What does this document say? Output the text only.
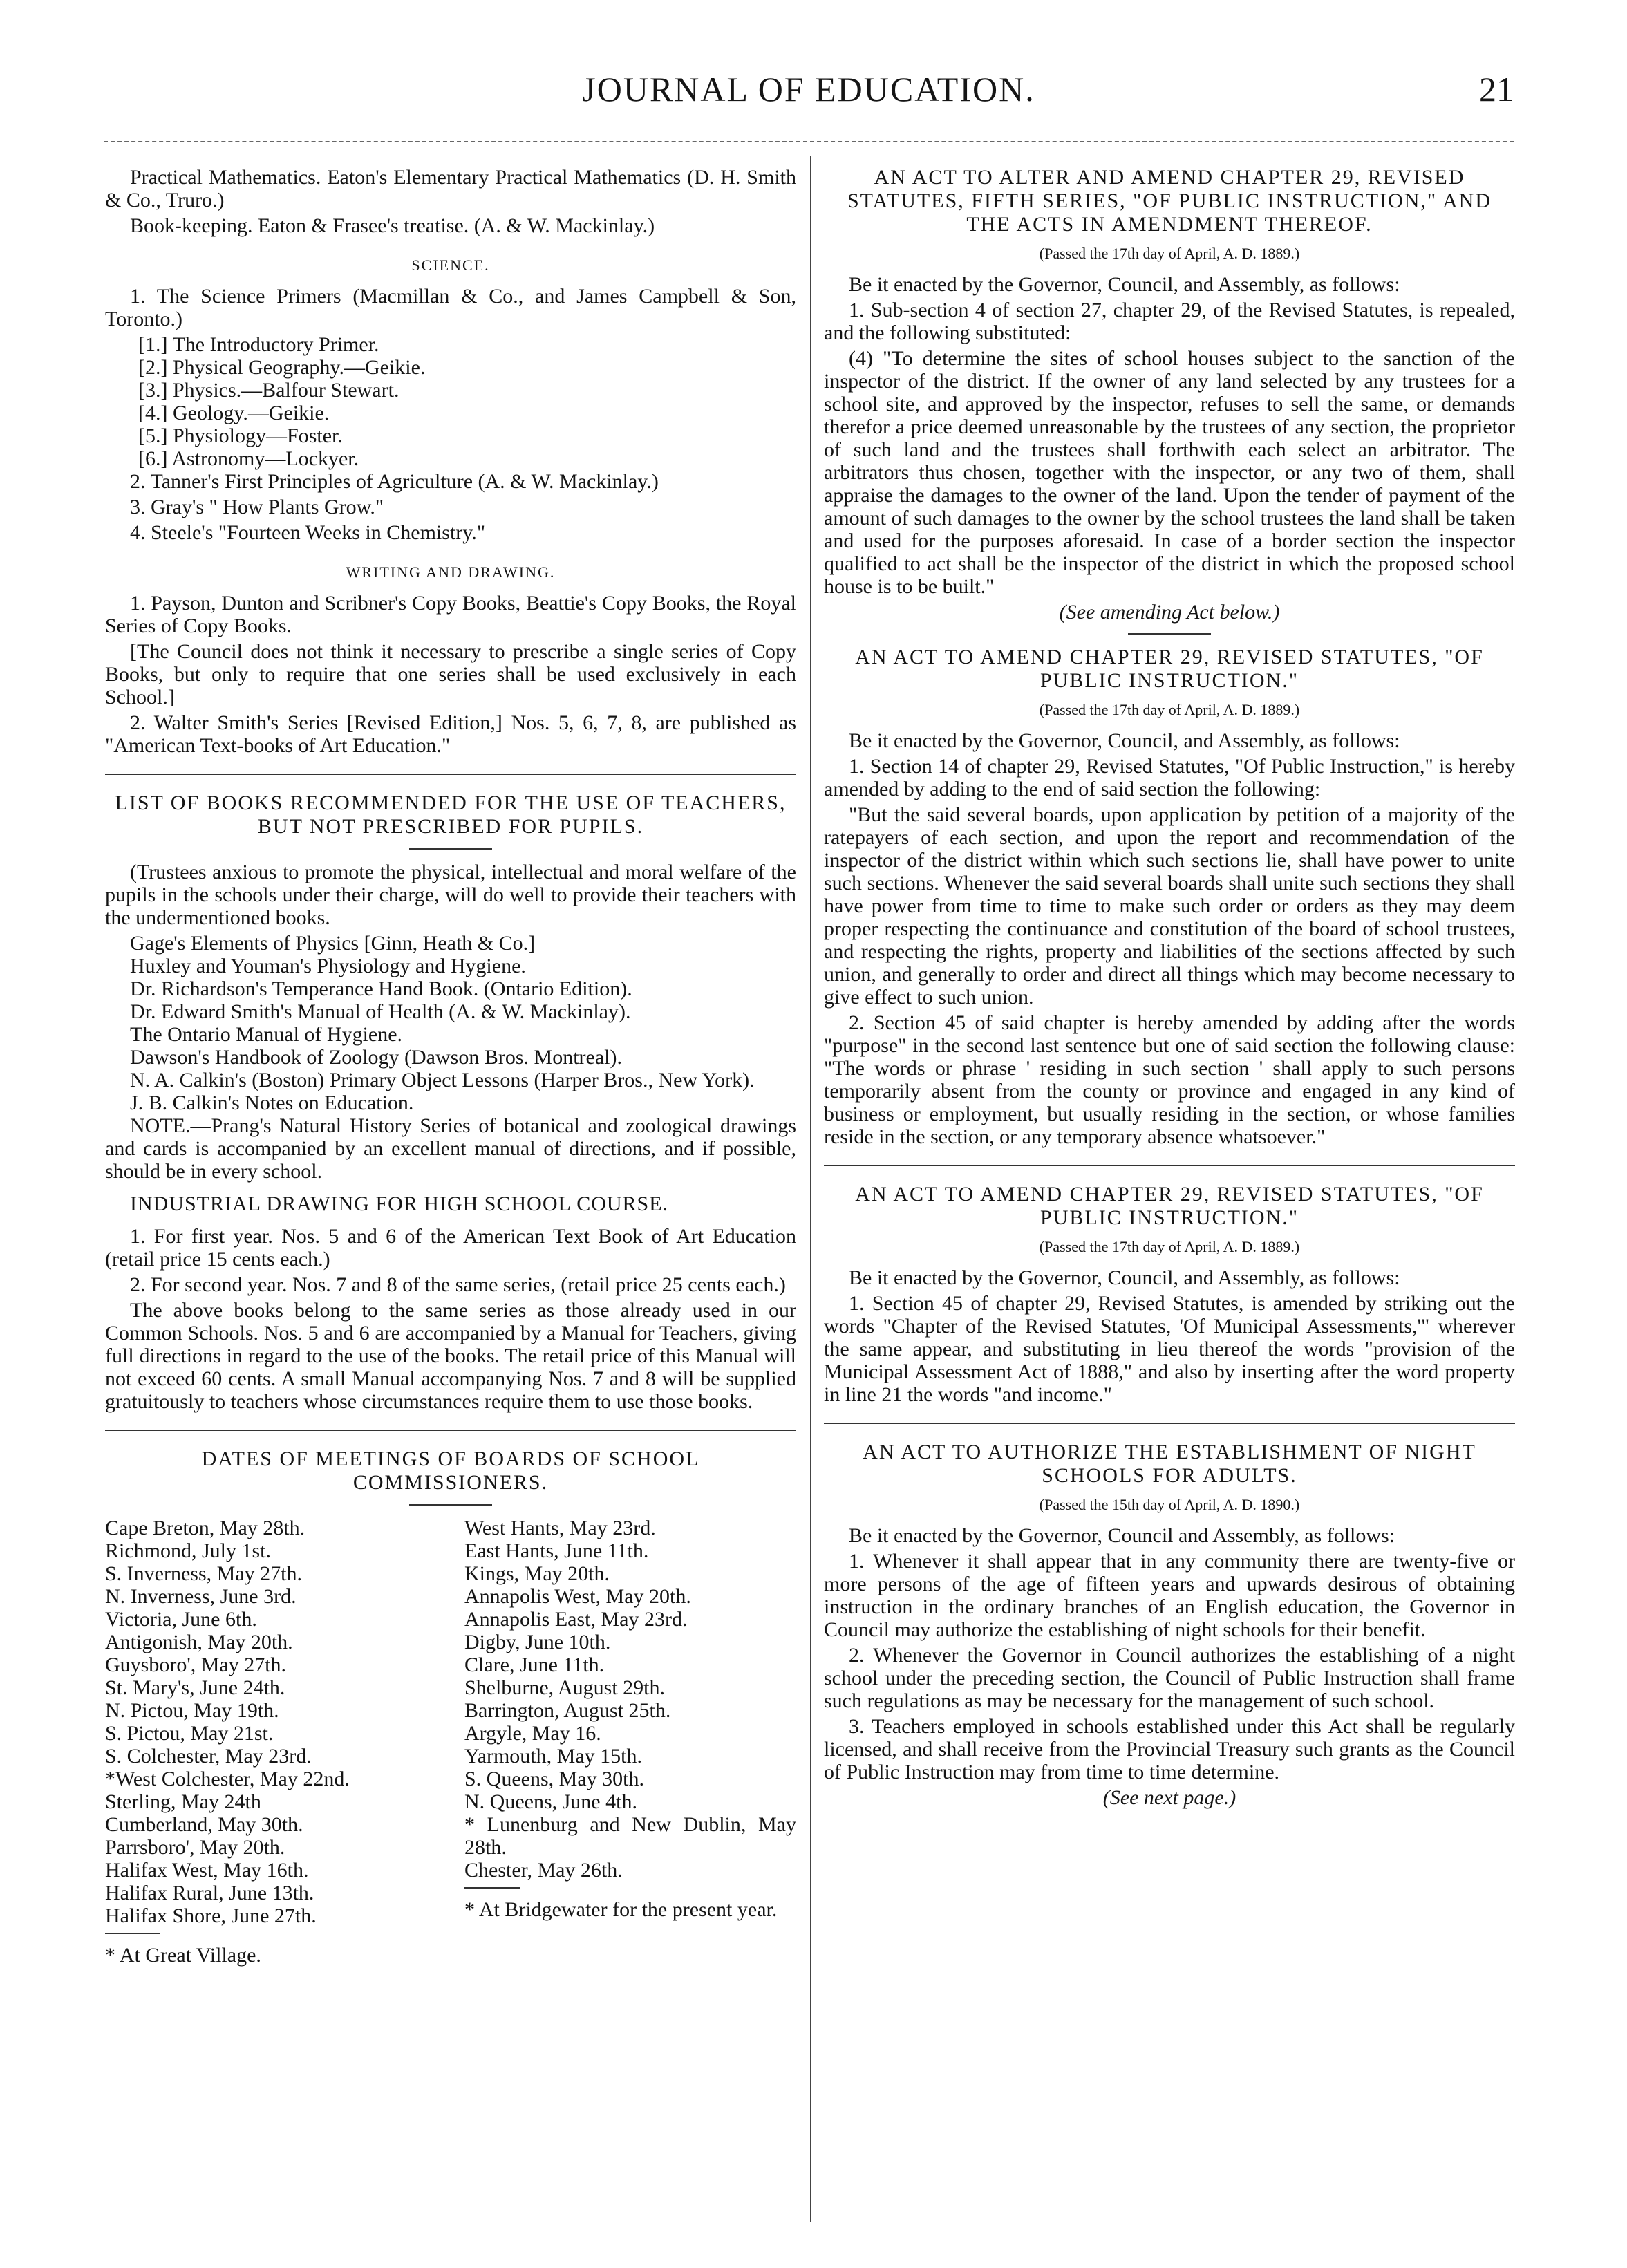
JOURNAL OF EDUCATION.	21

Practical Mathematics. Eaton's Elementary Practical Mathematics (D. H. Smith & Co., Truro.)

Book-keeping. Eaton & Frasee's treatise. (A. & W. Mackinlay.)

SCIENCE.

1. The Science Primers (Macmillan & Co., and James Campbell & Son, Toronto.)

[1.] The Introductory Primer.
[2.] Physical Geography.—Geikie.
[3.] Physics.—Balfour Stewart.
[4.] Geology.—Geikie.
[5.] Physiology—Foster.
[6.] Astronomy—Lockyer.

2. Tanner's First Principles of Agriculture (A. & W. Mackinlay.)

3. Gray's " How Plants Grow."

4. Steele's "Fourteen Weeks in Chemistry."

WRITING AND DRAWING.

1. Payson, Dunton and Scribner's Copy Books, Beattie's Copy Books, the Royal Series of Copy Books.

[The Council does not think it necessary to prescribe a single series of Copy Books, but only to require that one series shall be used exclusively in each School.]

2. Walter Smith's Series [Revised Edition,] Nos. 5, 6, 7, 8, are published as "American Text-books of Art Education."

LIST OF BOOKS RECOMMENDED FOR THE USE OF TEACHERS, BUT NOT PRESCRIBED FOR PUPILS.

(Trustees anxious to promote the physical, intellectual and moral welfare of the pupils in the schools under their charge, will do well to provide their teachers with the undermentioned books.

Gage's Elements of Physics [Ginn, Heath & Co.]
Huxley and Youman's Physiology and Hygiene.
Dr. Richardson's Temperance Hand Book. (Ontario Edition).
Dr. Edward Smith's Manual of Health (A. & W. Mackinlay).
The Ontario Manual of Hygiene.
Dawson's Handbook of Zoology (Dawson Bros. Montreal).
N. A. Calkin's (Boston) Primary Object Lessons (Harper Bros., New York).
J. B. Calkin's Notes on Education.

NOTE.—Prang's Natural History Series of botanical and zoological drawings and cards is accompanied by an excellent manual of directions, and if possible, should be in every school.

INDUSTRIAL DRAWING FOR HIGH SCHOOL COURSE.

1. For first year. Nos. 5 and 6 of the American Text Book of Art Education (retail price 15 cents each.)

2. For second year. Nos. 7 and 8 of the same series, (retail price 25 cents each.)

The above books belong to the same series as those already used in our Common Schools. Nos. 5 and 6 are accompanied by a Manual for Teachers, giving full directions in regard to the use of the books. The retail price of this Manual will not exceed 60 cents. A small Manual accompanying Nos. 7 and 8 will be supplied gratuitously to teachers whose circumstances require them to use those books.

DATES OF MEETINGS OF BOARDS OF SCHOOL COMMISSIONERS.
Cape Breton, May 28th.
Richmond, July 1st.
S. Inverness, May 27th.
N. Inverness, June 3rd.
Victoria, June 6th.
Antigonish, May 20th.
Guysboro', May 27th.
St. Mary's, June 24th.
N. Pictou, May 19th.
S. Pictou, May 21st.
S. Colchester, May 23rd.
*West Colchester, May 22nd.
Sterling, May 24th
Cumberland, May 30th.
Parrsboro', May 20th.
Halifax West, May 16th.
Halifax Rural, June 13th.
Halifax Shore, June 27th.
* At Great Village.
West Hants, May 23rd.
East Hants, June 11th.
Kings, May 20th.
Annapolis West, May 20th.
Annapolis East, May 23rd.
Digby, June 10th.
Clare, June 11th.
Shelburne, August 29th.
Barrington, August 25th.
Argyle, May 16.
Yarmouth, May 15th.
S. Queens, May 30th.
N. Queens, June 4th.
* Lunenburg and New Dublin, May 28th.
Chester, May 26th.
* At Bridgewater for the present year.
AN ACT TO ALTER AND AMEND CHAPTER 29, REVISED STATUTES, FIFTH SERIES, "OF PUBLIC INSTRUCTION," AND THE ACTS IN AMENDMENT THEREOF.
(Passed the 17th day of April, A. D. 1889.)

Be it enacted by the Governor, Council, and Assembly, as follows:

1. Sub-section 4 of section 27, chapter 29, of the Revised Statutes, is repealed, and the following substituted:

(4) "To determine the sites of school houses subject to the sanction of the inspector of the district. If the owner of any land selected by any trustees for a school site, and approved by the inspector, refuses to sell the same, or demands therefor a price deemed unreasonable by the trustees of any section, the proprietor of such land and the trustees shall forthwith each select an arbitrator. The arbitrators thus chosen, together with the inspector, or any two of them, shall appraise the damages to the owner of the land. Upon the tender of payment of the amount of such damages to the owner by the school trustees the land shall be taken and used for the purposes aforesaid. In case of a border section the inspector qualified to act shall be the inspector of the district in which the proposed school house is to be built."

(See amending Act below.)

AN ACT TO AMEND CHAPTER 29, REVISED STATUTES, "OF PUBLIC INSTRUCTION."
(Passed the 17th day of April, A. D. 1889.)

Be it enacted by the Governor, Council, and Assembly, as follows:

1. Section 14 of chapter 29, Revised Statutes, "Of Public Instruction," is hereby amended by adding to the end of said section the following:

"But the said several boards, upon application by petition of a majority of the ratepayers of each section, and upon the report and recommendation of the inspector of the district within which such sections lie, shall have power to unite such sections. Whenever the said several boards shall unite such sections they shall have power from time to time to make such order or orders as they may deem proper respecting the continuance and constitution of the board of school trustees, and respecting the rights, property and liabilities of the sections affected by such union, and generally to order and direct all things which may become necessary to give effect to such union.

2. Section 45 of said chapter is hereby amended by adding after the words "purpose" in the second last sentence but one of said section the following clause: "The words or phrase ' residing in such section ' shall apply to such persons temporarily absent from the county or province and engaged in any kind of business or employment, but usually residing in the section, or whose families reside in the section, or any temporary absence whatsoever."

AN ACT TO AMEND CHAPTER 29, REVISED STATUTES, "OF PUBLIC INSTRUCTION."
(Passed the 17th day of April, A. D. 1889.)

Be it enacted by the Governor, Council, and Assembly, as follows:

1. Section 45 of chapter 29, Revised Statutes, is amended by striking out the words "Chapter of the Revised Statutes, 'Of Municipal Assessments,'" wherever the same appear, and substituting in lieu thereof the words "provision of the Municipal Assessment Act of 1888," and also by inserting after the word property in line 21 the words "and income."

AN ACT TO AUTHORIZE THE ESTABLISHMENT OF NIGHT SCHOOLS FOR ADULTS.
(Passed the 15th day of April, A. D. 1890.)

Be it enacted by the Governor, Council and Assembly, as follows:

1. Whenever it shall appear that in any community there are twenty-five or more persons of the age of fifteen years and upwards desirous of obtaining instruction in the ordinary branches of an English education, the Governor in Council may authorize the establishing of night schools for their benefit.

2. Whenever the Governor in Council authorizes the establishing of a night school under the preceding section, the Council of Public Instruction shall frame such regulations as may be necessary for the management of such school.

3. Teachers employed in schools established under this Act shall be regularly licensed, and shall receive from the Provincial Treasury such grants as the Council of Public Instruction may from time to time determine.

(See next page.)
